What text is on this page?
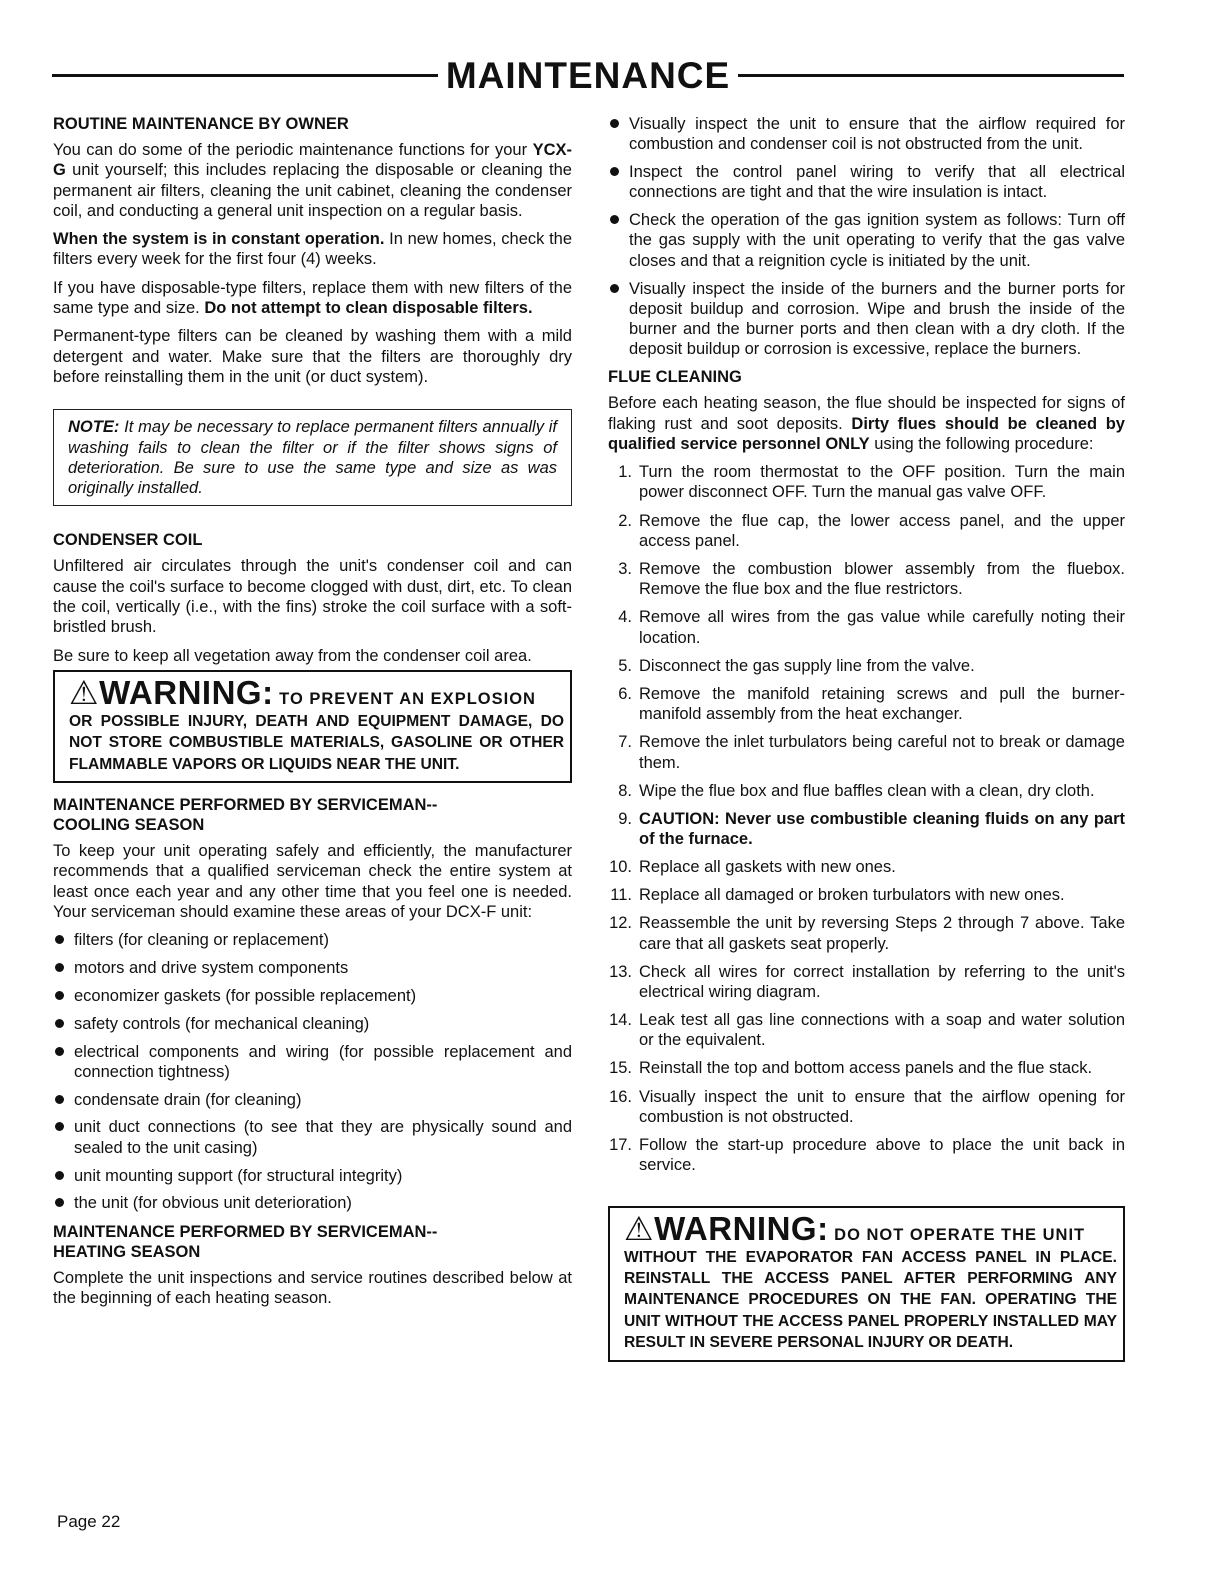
MAINTENANCE
ROUTINE MAINTENANCE BY OWNER

You can do some of the periodic maintenance functions for your YCX-G unit yourself; this includes replacing the disposable or cleaning the permanent air filters, cleaning the unit cabinet, cleaning the condenser coil, and conducting a general unit inspection on a regular basis.

When the system is in constant operation. In new homes, check the filters every week for the first four (4) weeks.

If you have disposable-type filters, replace them with new filters of the same type and size. Do not attempt to clean disposable filters.

Permanent-type filters can be cleaned by washing them with a mild detergent and water. Make sure that the filters are thoroughly dry before reinstalling them in the unit (or duct system).

NOTE: It may be necessary to replace permanent filters annually if washing fails to clean the filter or if the filter shows signs of deterioration. Be sure to use the same type and size as was originally installed.
CONDENSER COIL

Unfiltered air circulates through the unit's condenser coil and can cause the coil's surface to become clogged with dust, dirt, etc. To clean the coil, vertically (i.e., with the fins) stroke the coil surface with a soft-bristled brush.

Be sure to keep all vegetation away from the condenser coil area.

⚠WARNING: TO PREVENT AN EXPLOSION
OR POSSIBLE INJURY, DEATH AND EQUIPMENT DAMAGE, DO NOT STORE COMBUSTIBLE MATERIALS, GASOLINE OR OTHER FLAMMABLE VAPORS OR LIQUIDS NEAR THE UNIT.
MAINTENANCE PERFORMED BY SERVICEMAN--
COOLING SEASON

To keep your unit operating safely and efficiently, the manufacturer recommends that a qualified serviceman check the entire system at least once each year and any other time that you feel one is needed. Your serviceman should examine these areas of your DCX-F unit:

filters (for cleaning or replacement)
motors and drive system components
economizer gaskets (for possible replacement)
safety controls (for mechanical cleaning)
electrical components and wiring (for possible replacement and connection tightness)
condensate drain (for cleaning)
unit duct connections (to see that they are physically sound and sealed to the unit casing)
unit mounting support (for structural integrity)
the unit (for obvious unit deterioration)
MAINTENANCE PERFORMED BY SERVICEMAN--
HEATING SEASON

Complete the unit inspections and service routines described below at the beginning of each heating season.

Visually inspect the unit to ensure that the airflow required for combustion and condenser coil is not obstructed from the unit.
Inspect the control panel wiring to verify that all electrical connections are tight and that the wire insulation is intact.
Check the operation of the gas ignition system as follows: Turn off the gas supply with the unit operating to verify that the gas valve closes and that a reignition cycle is initiated by the unit.
Visually inspect the inside of the burners and the burner ports for deposit buildup and corrosion. Wipe and brush the inside of the burner and the burner ports and then clean with a dry cloth. If the deposit buildup or corrosion is excessive, replace the burners.
FLUE CLEANING

Before each heating season, the flue should be inspected for signs of flaking rust and soot deposits. Dirty flues should be cleaned by qualified service personnel ONLY using the following procedure:

1. Turn the room thermostat to the OFF position. Turn the main power disconnect OFF. Turn the manual gas valve OFF.
2. Remove the flue cap, the lower access panel, and the upper access panel.
3. Remove the combustion blower assembly from the fluebox. Remove the flue box and the flue restrictors.
4. Remove all wires from the gas value while carefully noting their location.
5. Disconnect the gas supply line from the valve.
6. Remove the manifold retaining screws and pull the burner-manifold assembly from the heat exchanger.
7. Remove the inlet turbulators being careful not to break or damage them.
8. Wipe the flue box and flue baffles clean with a clean, dry cloth.
9. CAUTION: Never use combustible cleaning fluids on any part of the furnace.
10. Replace all gaskets with new ones.
11. Replace all damaged or broken turbulators with new ones.
12. Reassemble the unit by reversing Steps 2 through 7 above. Take care that all gaskets seat properly.
13. Check all wires for correct installation by referring to the unit's electrical wiring diagram.
14. Leak test all gas line connections with a soap and water solution or the equivalent.
15. Reinstall the top and bottom access panels and the flue stack.
16. Visually inspect the unit to ensure that the airflow opening for combustion is not obstructed.
17. Follow the start-up procedure above to place the unit back in service.
⚠WARNING: DO NOT OPERATE THE UNIT
WITHOUT THE EVAPORATOR FAN ACCESS PANEL IN PLACE. REINSTALL THE ACCESS PANEL AFTER PERFORMING ANY MAINTENANCE PROCEDURES ON THE FAN. OPERATING THE UNIT WITHOUT THE ACCESS PANEL PROPERLY INSTALLED MAY RESULT IN SEVERE PERSONAL INJURY OR DEATH.
Page 22
